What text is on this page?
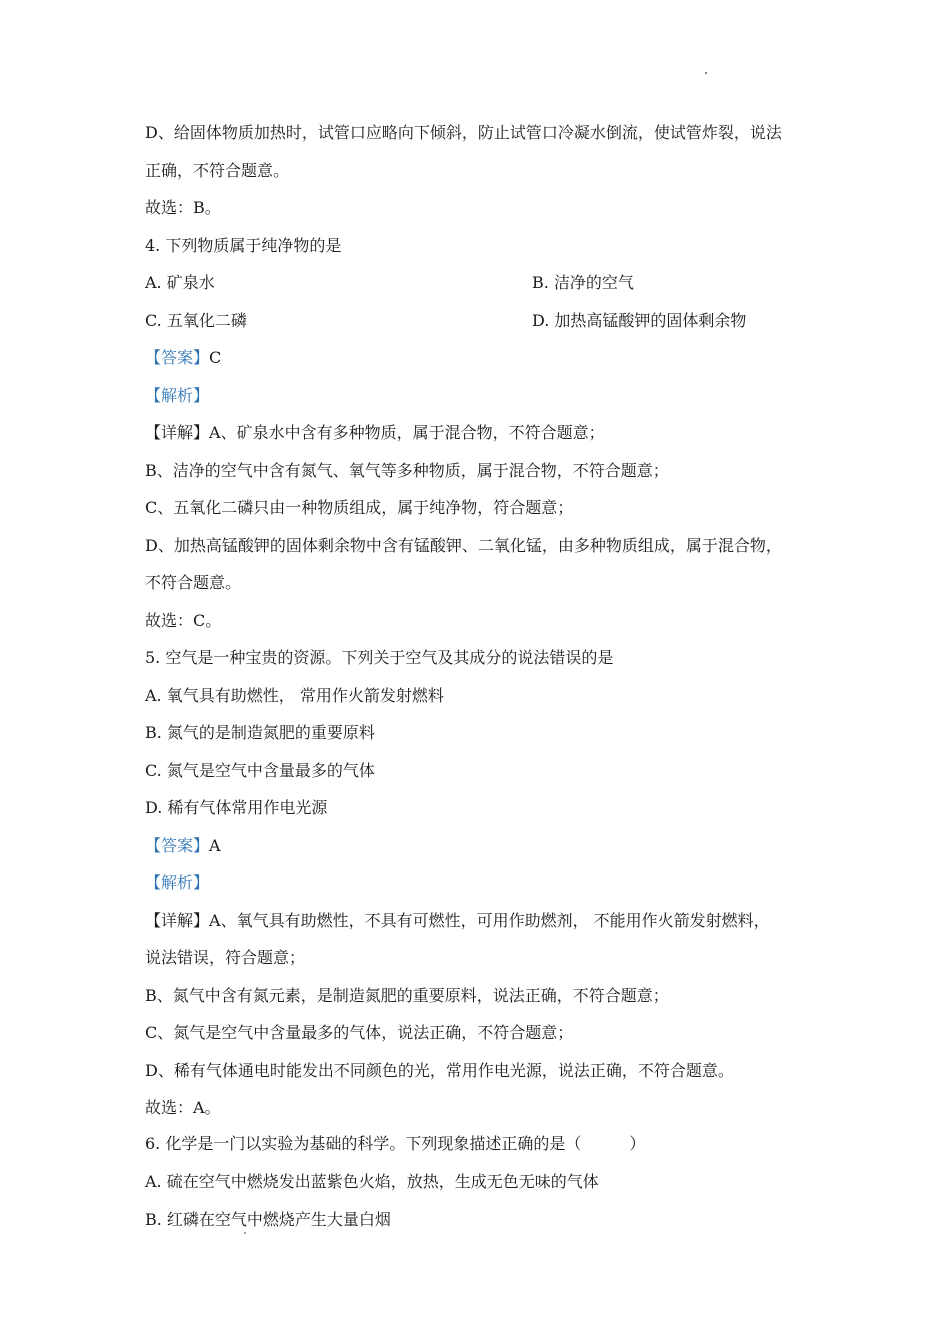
D、给固体物质加热时，试管口应略向下倾斜，防止试管口冷凝水倒流，使试管炸裂，说法
正确，不符合题意。
故选：B。
4. 下列物质属于纯净物的是
A. 矿泉水	B. 洁净的空气
C. 五氧化二磷	D. 加热高锰酸钾的固体剩余物
【答案】C
【解析】
【详解】A、矿泉水中含有多种物质，属于混合物，不符合题意；
B、洁净的空气中含有氮气、氧气等多种物质，属于混合物，不符合题意；
C、五氧化二磷只由一种物质组成，属于纯净物，符合题意；
D、加热高锰酸钾的固体剩余物中含有锰酸钾、二氧化锰，由多种物质组成，属于混合物，
不符合题意。
故选：C。
5. 空气是一种宝贵的资源。下列关于空气及其成分的说法错误的是
A. 氧气具有助燃性， 常用作火箭发射燃料
B. 氮气的是制造氮肥的重要原料
C. 氮气是空气中含量最多的气体
D. 稀有气体常用作电光源
【答案】A
【解析】
【详解】A、氧气具有助燃性，不具有可燃性，可用作助燃剂， 不能用作火箭发射燃料，
说法错误，符合题意；
B、氮气中含有氮元素，是制造氮肥的重要原料，说法正确，不符合题意；
C、氮气是空气中含量最多的气体，说法正确，不符合题意；
D、稀有气体通电时能发出不同颜色的光，常用作电光源，说法正确，不符合题意。
故选：A。
6. 化学是一门以实验为基础的科学。下列现象描述正确的是（　　　）
A. 硫在空气中燃烧发出蓝紫色火焰，放热，生成无色无味的气体
B. 红磷在空气中燃烧产生大量白烟
